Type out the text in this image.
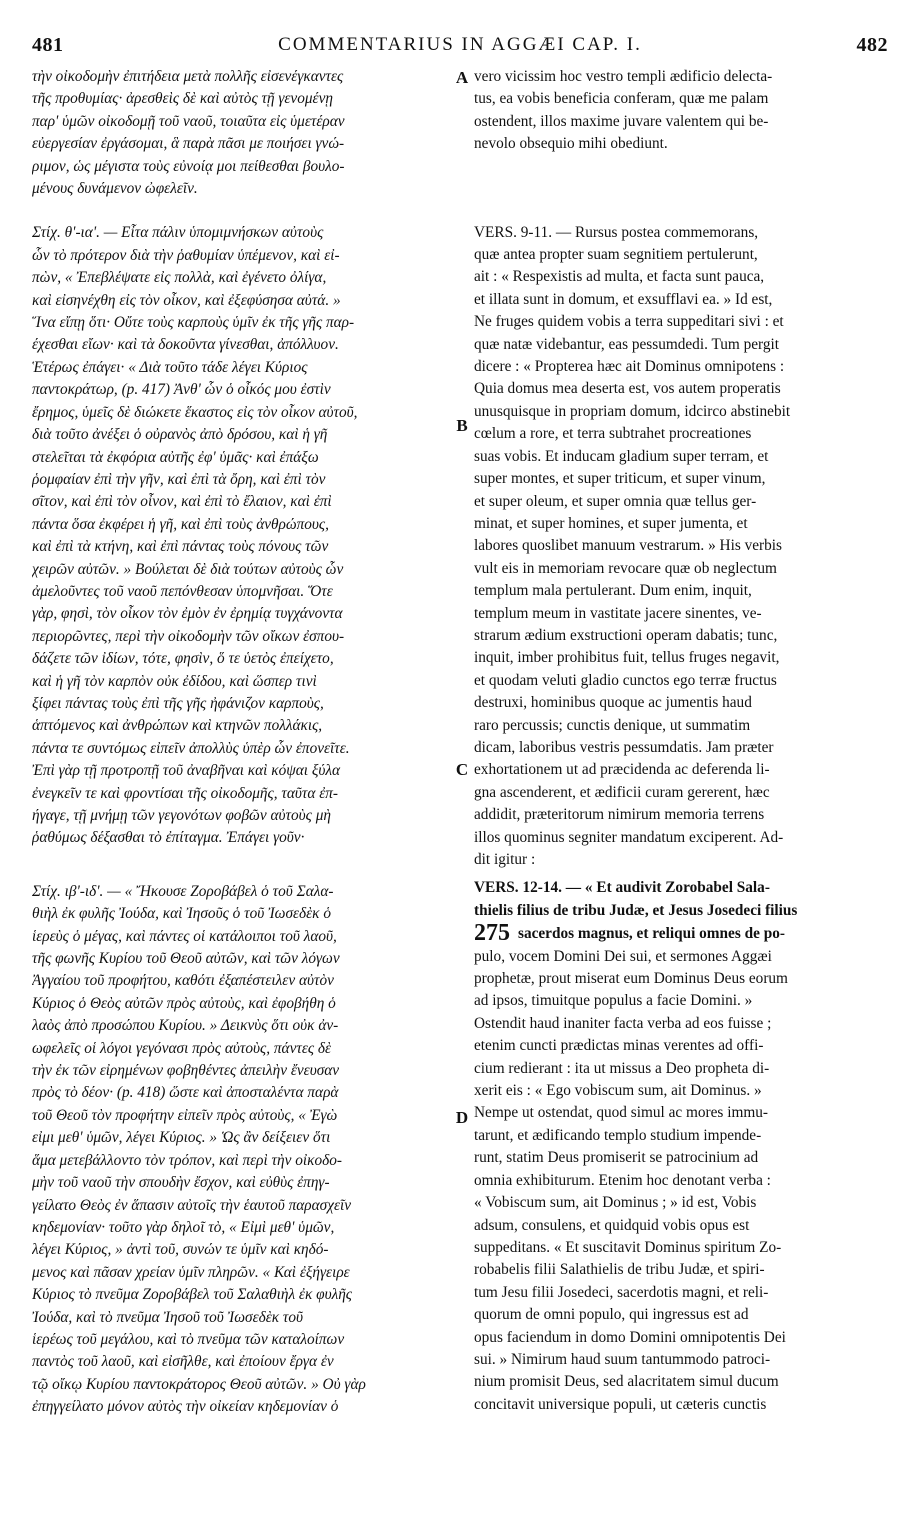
481	COMMENTARIUS IN AGGÆI CAP. I.	482
A
B
C
D
τὴν οἰκοδομὴν ἐπιτήδεια μετὰ πολλῆς εἰσενέγκαντες
τῆς προθυμίας· ἀρεσθεὶς δὲ καὶ αὐτὸς τῇ γενομένῃ
παρ' ὑμῶν οἰκοδομῇ τοῦ ναοῦ, τοιαῦτα εἰς ὑμετέραν
εὐεργεσίαν ἐργάσομαι, ἃ παρὰ πᾶσι με ποιήσει γνώ-
ριμον, ὡς μέγιστα τοὺς εὐνοίᾳ μοι πείθεσθαι βουλο-
μένους δυνάμενον ὠφελεῖν.
Στίχ. θ'-ια'. — Εἶτα πάλιν ὑπομιμνήσκων αὐτοὺς
ὧν τὸ πρότερον διὰ τὴν ῥαθυμίαν ὑπέμενον, καὶ εἰ-
πὼν, « Ἐπεβλέψατε εἰς πολλὰ, καὶ ἐγένετο ὀλίγα,
καὶ εἰσηνέχθη εἰς τὸν οἶκον, καὶ ἐξεφύσησα αὐτά. »
Ἵνα εἴπῃ ὅτι· Οὔτε τοὺς καρποὺς ὑμῖν ἐκ τῆς γῆς παρ-
έχεσθαι εἴων· καὶ τὰ δοκοῦντα γίνεσθαι, ἀπόλλυον.
Ἑτέρως ἐπάγει· « Διὰ τοῦτο τάδε λέγει Κύριος
παντοκράτωρ, (p. 417) Ἀνθ' ὧν ὁ οἶκός μου ἐστὶν
ἔρημος, ὑμεῖς δὲ διώκετε ἕκαστος εἰς τὸν οἶκον αὐτοῦ,
διὰ τοῦτο ἀνέξει ὁ οὐρανὸς ἀπὸ δρόσου, καὶ ἡ γῆ
στελεῖται τὰ ἐκφόρια αὐτῆς ἐφ' ὑμᾶς· καὶ ἐπάξω
ῥομφαίαν ἐπὶ τὴν γῆν, καὶ ἐπὶ τὰ ὄρη, καὶ ἐπὶ τὸν
σῖτον, καὶ ἐπὶ τὸν οἶνον, καὶ ἐπὶ τὸ ἔλαιον, καὶ ἐπὶ
πάντα ὅσα ἐκφέρει ἡ γῆ, καὶ ἐπὶ τοὺς ἀνθρώπους,
καὶ ἐπὶ τὰ κτήνη, καὶ ἐπὶ πάντας τοὺς πόνους τῶν
χειρῶν αὐτῶν. » Βούλεται δὲ διὰ τούτων αὐτοὺς ὧν
ἀμελοῦντες τοῦ ναοῦ πεπόνθεσαν ὑπομνῆσαι. Ὅτε
γὰρ, φησὶ, τὸν οἶκον τὸν ἐμὸν ἐν ἐρημίᾳ τυγχάνοντα
περιορῶντες, περὶ τὴν οἰκοδομὴν τῶν οἴκων ἐσπου-
δάζετε τῶν ἰδίων, τότε, φησὶν, ὅ τε ὑετὸς ἐπείχετο,
καὶ ἡ γῆ τὸν καρπὸν οὐκ ἐδίδου, καὶ ὥσπερ τινὶ
ξίφει πάντας τοὺς ἐπὶ τῆς γῆς ἠφάνιζον καρποὺς,
ἁπτόμενος καὶ ἀνθρώπων καὶ κτηνῶν πολλάκις,
πάντα τε συντόμως εἰπεῖν ἀπολλὺς ὑπὲρ ὧν ἐπονεῖτε.
Ἐπὶ γὰρ τῇ προτροπῇ τοῦ ἀναβῆναι καὶ κόψαι ξύλα
ἐνεγκεῖν τε καὶ φροντίσαι τῆς οἰκοδομῆς, ταῦτα ἐπ-
ήγαγε, τῇ μνήμῃ τῶν γεγονότων φοβῶν αὐτοὺς μὴ
ῥαθύμως δέξασθαι τὸ ἐπίταγμα. Ἐπάγει γοῦν·
Στίχ. ιβ'-ιδ'. — « Ἤκουσε Ζοροβάβελ ὁ τοῦ Σαλα-
θιὴλ ἐκ φυλῆς Ἰούδα, καὶ Ἰησοῦς ὁ τοῦ Ἰωσεδὲκ ὁ
ἱερεὺς ὁ μέγας, καὶ πάντες οἱ κατάλοιποι τοῦ λαοῦ,
τῆς φωνῆς Κυρίου τοῦ Θεοῦ αὐτῶν, καὶ τῶν λόγων
Ἀγγαίου τοῦ προφήτου, καθότι ἐξαπέστειλεν αὐτὸν
Κύριος ὁ Θεὸς αὐτῶν πρὸς αὐτοὺς, καὶ ἐφοβήθη ὁ
λαὸς ἀπὸ προσώπου Κυρίου. » Δεικνὺς ὅτι οὐκ ἀν-
ωφελεῖς οἱ λόγοι γεγόνασι πρὸς αὐτοὺς, πάντες δὲ
τὴν ἐκ τῶν εἰρημένων φοβηθέντες ἀπειλὴν ἔνευσαν
πρὸς τὸ δέον· (p. 418) ὥστε καὶ ἀποσταλέντα παρὰ
τοῦ Θεοῦ τὸν προφήτην εἰπεῖν πρὸς αὐτοὺς, « Ἐγὼ
εἰμι μεθ' ὑμῶν, λέγει Κύριος. » Ὡς ἂν δείξειεν ὅτι
ἅμα μετεβάλλοντο τὸν τρόπον, καὶ περὶ τὴν οἰκοδο-
μὴν τοῦ ναοῦ τὴν σπουδὴν ἔσχον, καὶ εὐθὺς ἐπηγ-
γείλατο Θεὸς ἐν ἅπασιν αὐτοῖς τὴν ἑαυτοῦ παρασχεῖν
κηδεμονίαν· τοῦτο γὰρ δηλοῖ τὸ, « Εἰμὶ μεθ' ὑμῶν,
λέγει Κύριος, » ἀντὶ τοῦ, συνών τε ὑμῖν καὶ κηδό-
μενος καὶ πᾶσαν χρείαν ὑμῖν πληρῶν. « Καὶ ἐξήγειρε
Κύριος τὸ πνεῦμα Ζοροβάβελ τοῦ Σαλαθιὴλ ἐκ φυλῆς
Ἰούδα, καὶ τὸ πνεῦμα Ἰησοῦ τοῦ Ἰωσεδὲκ τοῦ
ἱερέως τοῦ μεγάλου, καὶ τὸ πνεῦμα τῶν καταλοίπων
παντὸς τοῦ λαοῦ, καὶ εἰσῆλθε, καὶ ἐποίουν ἔργα ἐν
τῷ οἴκῳ Κυρίου παντοκράτορος Θεοῦ αὐτῶν. » Οὐ γὰρ
ἐπηγγείλατο μόνον αὐτὸς τὴν οἰκείαν κηδεμονίαν ὁ
vero vicissim hoc vestro templi ædificio delecta-
tus, ea vobis beneficia conferam, quæ me palam
ostendent, illos maxime juvare valentem qui be-
nevolo obsequio mihi obediunt.
VERS. 9-11. — Rursus postea commemorans,
quæ antea propter suam segnitiem pertulerunt,
ait : « Respexistis ad multa, et facta sunt pauca,
et illata sunt in domum, et exsufflavi ea. » Id est,
Ne fruges quidem vobis a terra suppeditari sivi : et
quæ natæ videbantur, eas pessumdedi. Tum pergit
dicere : « Propterea hæc ait Dominus omnipotens :
Quia domus mea deserta est, vos autem properatis
unusquisque in propriam domum, idcirco abstinebit
cœlum a rore, et terra subtrahet procreationes
suas vobis. Et inducam gladium super terram, et
super montes, et super triticum, et super vinum,
et super oleum, et super omnia quæ tellus ger-
minat, et super homines, et super jumenta, et
labores quoslibet manuum vestrarum. » His verbis
vult eis in memoriam revocare quæ ob neglectum
templum mala pertulerant. Dum enim, inquit,
templum meum in vastitate jacere sinentes, ve-
strarum ædium exstructioni operam dabatis; tunc,
inquit, imber prohibitus fuit, tellus fruges negavit,
et quodam veluti gladio cunctos ego terræ fructus
destruxi, hominibus quoque ac jumentis haud
raro percussis; cunctis denique, ut summatim
dicam, laboribus vestris pessumdatis. Jam præter
exhortationem ut ad præcidenda ac deferenda li-
gna ascenderent, et ædificii curam gererent, hæc
addidit, præteritorum nimirum memoria terrens
illos quominus segniter mandatum exciperent. Ad-
dit igitur :
VERS. 12-14. — « Et audivit Zorobabel Sala-
thielis filius de tribu Judæ, et Jesus Josedeci filius
275 sacerdos magnus, et reliqui omnes de po-
pulo, vocem Domini Dei sui, et sermones Aggæi
prophetæ, prout miserat eum Dominus Deus eorum
ad ipsos, timuitque populus a facie Domini. »
Ostendit haud inaniter facta verba ad eos fuisse ;
etenim cuncti prædictas minas verentes ad offi-
cium redierant : ita ut missus a Deo propheta di-
xerit eis : « Ego vobiscum sum, ait Dominus. »
Nempe ut ostendat, quod simul ac mores immu-
tarunt, et ædificando templo studium impende-
runt, statim Deus promiserit se patrocinium ad
omnia exhibiturum. Etenim hoc denotant verba :
« Vobiscum sum, ait Dominus ; » id est, Vobis
adsum, consulens, et quidquid vobis opus est
suppeditans. « Et suscitavit Dominus spiritum Zo-
robabelis filii Salathielis de tribu Judæ, et spiri-
tum Jesu filii Josedeci, sacerdotis magni, et reli-
quorum de omni populo, qui ingressus est ad
opus faciendum in domo Domini omnipotentis Dei
sui. » Nimirum haud suum tantummodo patroci-
nium promisit Deus, sed alacritatem simul ducum
concitavit universique populi, ut cæteris cunctis
